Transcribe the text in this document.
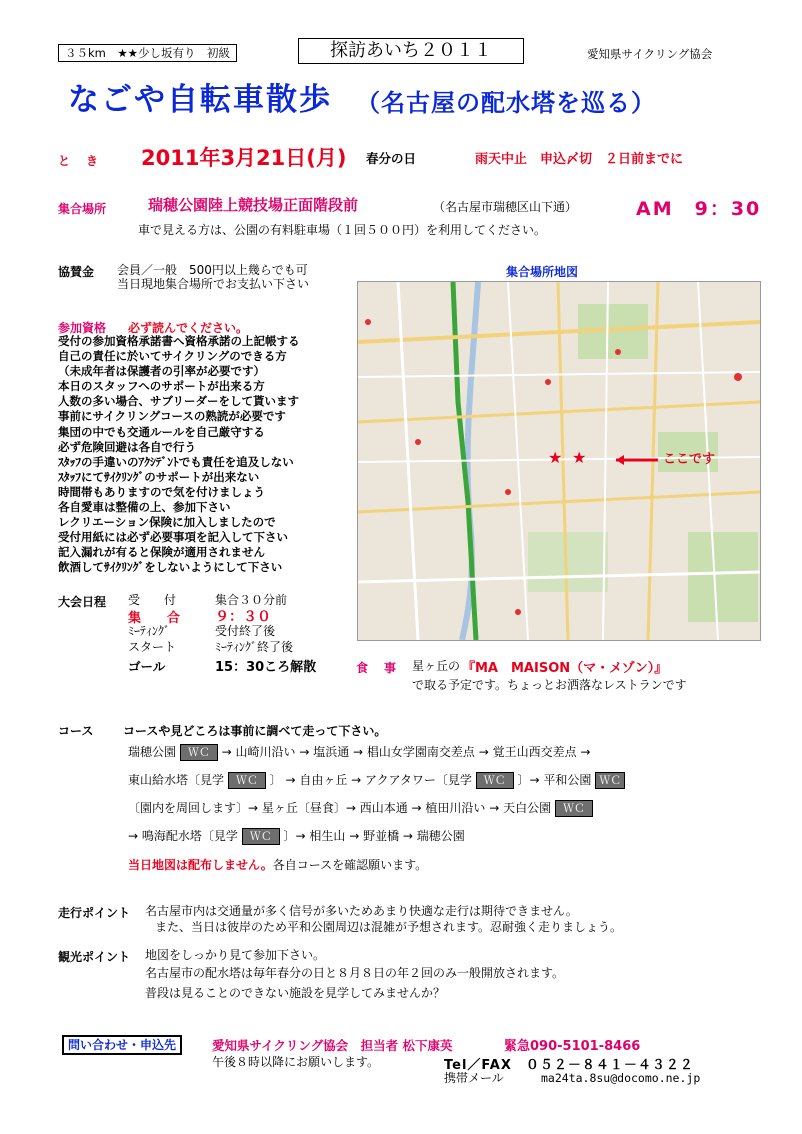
３５km　★★少し坂有り　初級	探訪あいち２０１１	愛知県サイクリング協会
なごや自転車散歩 （名古屋の配水塔を巡る）
とき 2011年3月21日(月) 春分の日	雨天中止　申込〆切　２日前までに
集合場所	瑞穂公園陸上競技場正面階段前	（名古屋市瑞穂区山下通）	AM　9：30
車で見える方は、公園の有料駐車場（１回５００円）を利用してください。
協賛金 会員／一般　500円以上幾らでも可
当日現地集合場所でお支払い下さい
参加資格 必ず読んでください。
受付の参加資格承諾書へ資格承諾の上記帳する
自己の責任に於いてサイクリングのできる方
（未成年者は保護者の引率が必要です）
本日のスタッフへのサポートが出来る方
人数の多い場合、サブリーダーをして貰います
事前にサイクリングコースの熟読が必要です
集団の中でも交通ルールを自己厳守する
必ず危険回避は各自で行う
ｽﾀｯﾌの手違いのｱｸｼﾃﾞﾝﾄでも責任を追及しない
ｽﾀｯﾌにてｻｲｸﾘﾝｸﾞのサポートが出来ない
時間帯もありますので気を付けましょう
各自愛車は整備の上、参加下さい
レクリエーション保険に加入しましたので
受付用紙には必ず必要事項を記入して下さい
記入漏れが有ると保険が適用されません
飲酒してｻｲｸﾘﾝｸﾞをしないようにして下さい
集合場所地図
★ ★	ここです
大会日程 受　　付	集合３０分前
集　　合 ９：３０
ﾐｰﾃｨﾝｸﾞ	受付終了後
スタート	ﾐｰﾃｨﾝｸﾞ終了後
ゴール	15：30ころ解散	食　事 星ヶ丘の 『MA　MAISON（マ・メゾン）』
で取る予定です。ちょっとお洒落なレストランです
コース コースや見どころは事前に調べて走って下さい。
瑞穂公園 ＷＣ → 山崎川沿い → 塩浜通 → 椙山女学園南交差点 → 覚王山西交差点 →
東山給水塔〔見学 ＷＣ 〕 → 自由ヶ丘 → アクアタワー〔見学 ＷＣ 〕→ 平和公園 ＷＣ
〔園内を周回します〕→ 星ヶ丘〔昼食〕→ 西山本通 → 植田川沿い → 天白公園 ＷＣ
→ 鳴海配水塔〔見学 ＷＣ 〕→ 相生山 → 野並橋 → 瑞穂公園
当日地図は配布しません。各自コースを確認願います。
走行ポイント 名古屋市内は交通量が多く信号が多いためあまり快適な走行は期待できません。
また、当日は彼岸のため平和公園周辺は混雑が予想されます。忍耐強く走りましょう。
観光ポイント 地図をしっかり見て参加下さい。
名古屋市の配水塔は毎年春分の日と８月８日の年２回のみ一般開放されます。
普段は見ることのできない施設を見学してみませんか？
問い合わせ・申込先	愛知県サイクリング協会　担当者 松下康英	緊急090-5101-8466
午後８時以降にお願いします。	Tel／FAX　０５２－８４１－４３２２
携帯メール	ma24ta.8su@docomo.ne.jp
